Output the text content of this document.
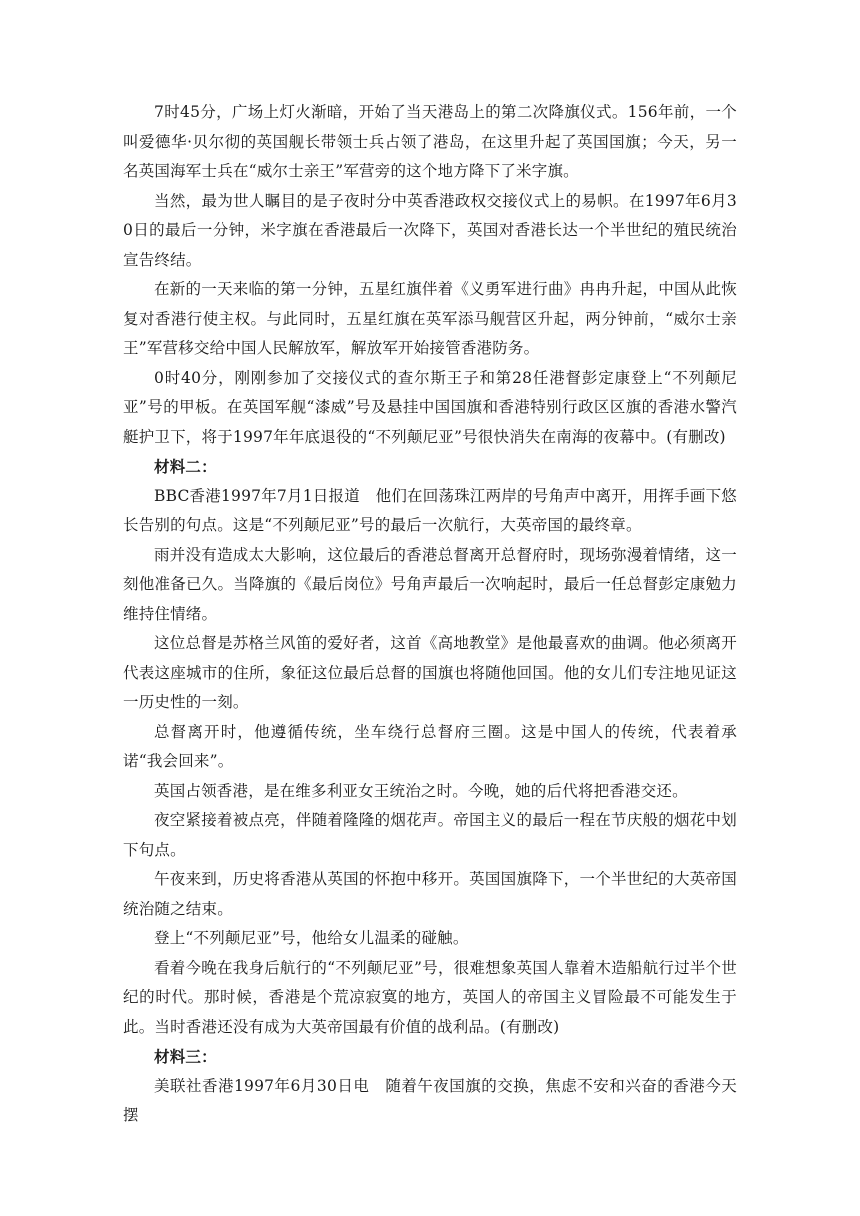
7时45分，广场上灯火渐暗，开始了当天港岛上的第二次降旗仪式。156年前，一个叫爱德华·贝尔彻的英国舰长带领士兵占领了港岛，在这里升起了英国国旗；今天，另一名英国海军士兵在“威尔士亲王”军营旁的这个地方降下了米字旗。

当然，最为世人瞩目的是子夜时分中英香港政权交接仪式上的易帜。在1997年6月30日的最后一分钟，米字旗在香港最后一次降下，英国对香港长达一个半世纪的殖民统治宣告终结。

在新的一天来临的第一分钟，五星红旗伴着《义勇军进行曲》冉冉升起，中国从此恢复对香港行使主权。与此同时，五星红旗在英军添马舰营区升起，两分钟前，“威尔士亲王”军营移交给中国人民解放军，解放军开始接管香港防务。

0时40分，刚刚参加了交接仪式的查尔斯王子和第28任港督彭定康登上“不列颠尼亚”号的甲板。在英国军舰“漆威”号及悬挂中国国旗和香港特别行政区区旗的香港水警汽艇护卫下，将于1997年年底退役的“不列颠尼亚”号很快消失在南海的夜幕中。(有删改)

材料二：

BBC香港1997年7月1日报道　他们在回荡珠江两岸的号角声中离开，用挥手画下悠长告别的句点。这是“不列颠尼亚”号的最后一次航行，大英帝国的最终章。

雨并没有造成太大影响，这位最后的香港总督离开总督府时，现场弥漫着情绪，这一刻他准备已久。当降旗的《最后岗位》号角声最后一次响起时，最后一任总督彭定康勉力维持住情绪。

这位总督是苏格兰风笛的爱好者，这首《高地教堂》是他最喜欢的曲调。他必须离开代表这座城市的住所，象征这位最后总督的国旗也将随他回国。他的女儿们专注地见证这一历史性的一刻。

总督离开时，他遵循传统，坐车绕行总督府三圈。这是中国人的传统，代表着承诺“我会回来”。

英国占领香港，是在维多利亚女王统治之时。今晚，她的后代将把香港交还。

夜空紧接着被点亮，伴随着隆隆的烟花声。帝国主义的最后一程在节庆般的烟花中划下句点。

午夜来到，历史将香港从英国的怀抱中移开。英国国旗降下，一个半世纪的大英帝国统治随之结束。

登上“不列颠尼亚”号，他给女儿温柔的碰触。

看着今晚在我身后航行的“不列颠尼亚”号，很难想象英国人靠着木造船航行过半个世纪的时代。那时候，香港是个荒凉寂寞的地方，英国人的帝国主义冒险最不可能发生于此。当时香港还没有成为大英帝国最有价值的战利品。(有删改)

材料三：

美联社香港1997年6月30日电　随着午夜国旗的交换，焦虑不安和兴奋的香港今天摆
